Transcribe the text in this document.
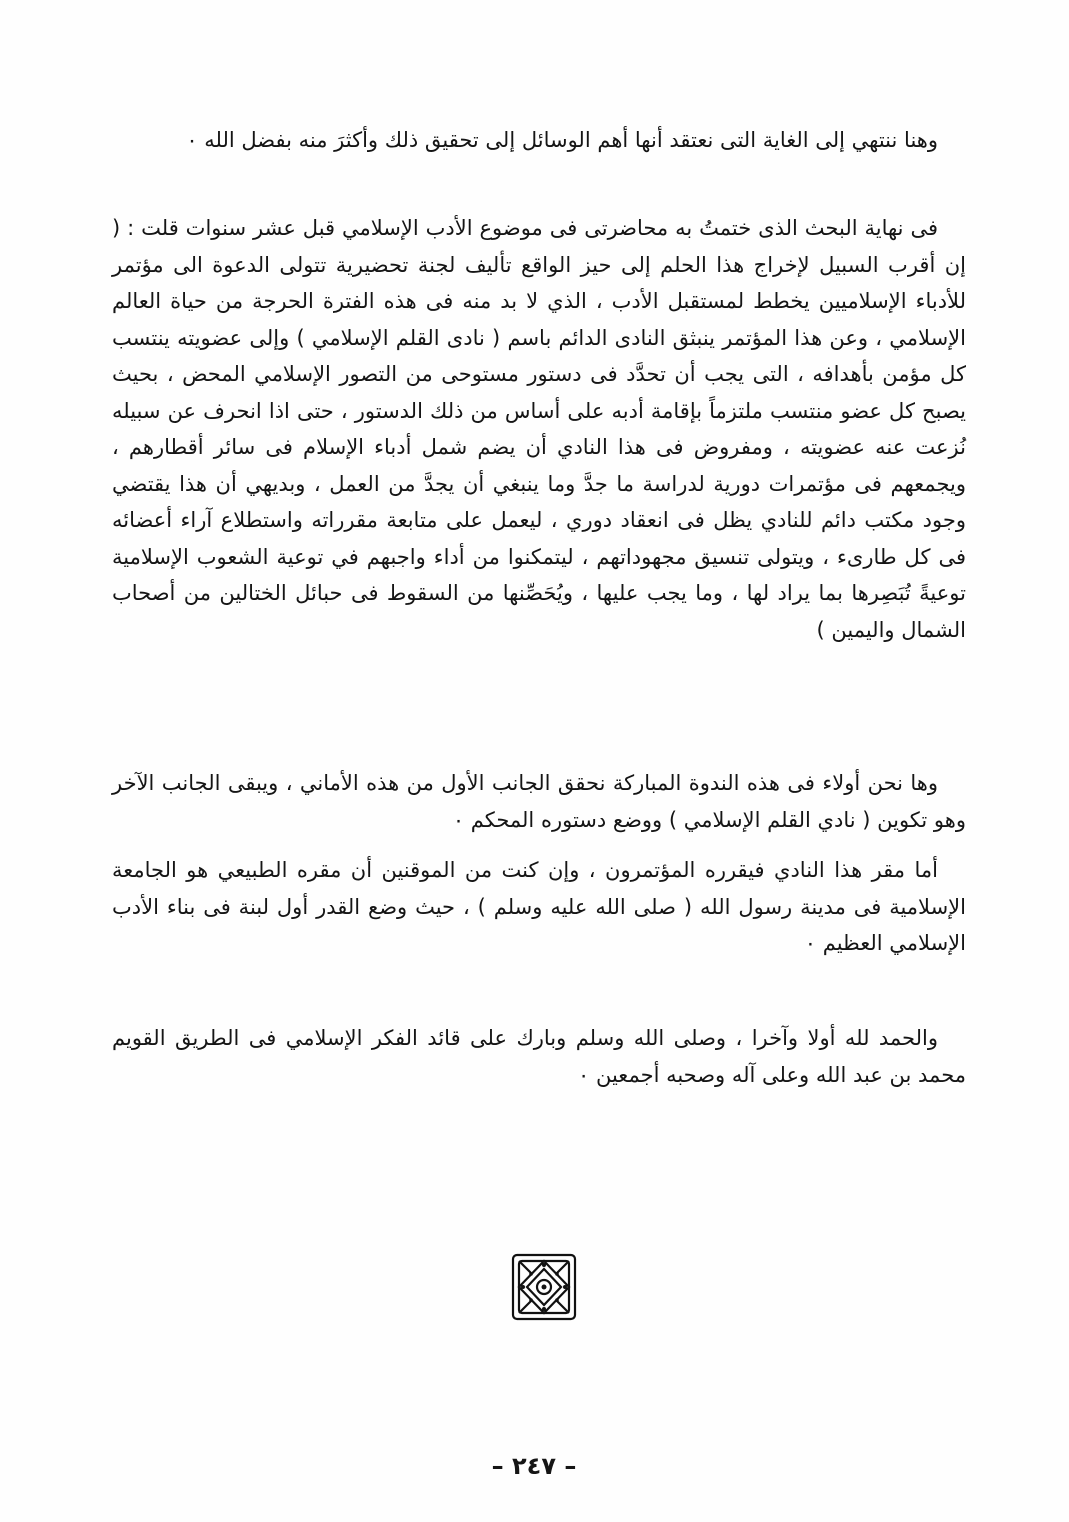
وهنا ننتهي إلى الغاية التى نعتقد أنها أهم الوسائل إلى تحقيق ذلك وأكثرَ منه بفضل الله ٠

فى نهاية البحث الذى ختمتُ به محاضرتى فى موضوع الأدب الإسلامي قبل عشر سنوات قلت : ( إن أقرب السبيل لإخراج هذا الحلم إلى حيز الواقع تأليف لجنة تحضيرية تتولى الدعوة الى مؤتمر للأدباء الإسلاميين يخطط لمستقبل الأدب ، الذي لا بد منه فى هذه الفترة الحرجة من حياة العالم الإسلامي ، وعن هذا المؤتمر ينبثق النادى الدائم باسم ( نادى القلم الإسلامي ) وإلى عضويته ينتسب كل مؤمن بأهدافه ، التى يجب أن تحدَّد فى دستور مستوحى من التصور الإسلامي المحض ، بحيث يصبح كل عضو منتسب ملتزماً بإقامة أدبه على أساس من ذلك الدستور ، حتى اذا انحرف عن سبيله نُزعت عنه عضويته ، ومفروض فى هذا النادي أن يضم شمل أدباء الإسلام فى سائر أقطارهم ، ويجمعهم فى مؤتمرات دورية لدراسة ما جدَّ وما ينبغي أن يجدَّ من العمل ، وبديهي أن هذا يقتضي وجود مكتب دائم للنادي يظل فى انعقاد دوري ، ليعمل على متابعة مقرراته واستطلاع آراء أعضائه فى كل طارىء ، ويتولى تنسيق مجهوداتهم ، ليتمكنوا من أداء واجبهم في توعية الشعوب الإسلامية توعيةً تُبَصِرها بما يراد لها ، وما يجب عليها ، ويُحَصِّنها من السقوط فى حبائل الختالين من أصحاب الشمال واليمين )

وها نحن أولاء فى هذه الندوة المباركة نحقق الجانب الأول من هذه الأماني ، ويبقى الجانب الآخر وهو تكوين ( نادي القلم الإسلامي ) ووضع دستوره المحكم ٠

أما مقر هذا النادي فيقرره المؤتمرون ، وإن كنت من الموقنين أن مقره الطبيعي هو الجامعة الإسلامية فى مدينة رسول الله ( صلى الله عليه وسلم ) ، حيث وضع القدر أول لبنة فى بناء الأدب الإسلامي العظيم ٠

والحمد لله أولا وآخرا ، وصلى الله وسلم وبارك على قائد الفكر الإسلامي فى الطريق القويم محمد بن عبد الله وعلى آله وصحبه أجمعين ٠

– ٢٤٧ –
